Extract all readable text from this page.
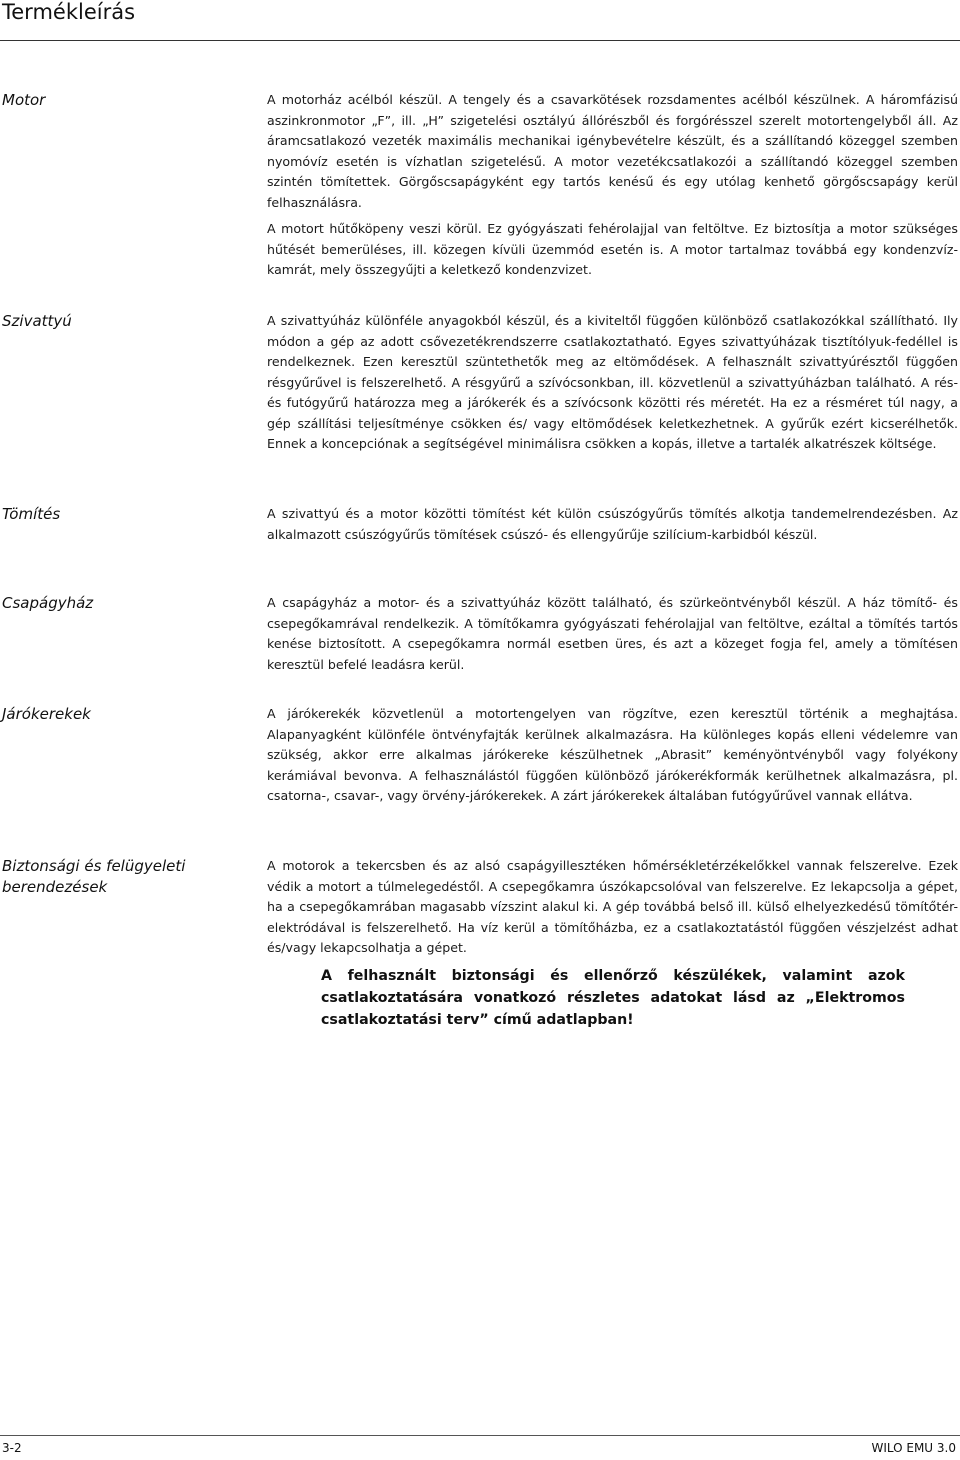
Termékleírás
Motor	A motorház acélból készül. A tengely és a csavarkötések rozsdamentes acélból készülnek. A háromfázisú aszinkronmotor „F”, ill. „H” szigetelési osztályú állórészből és forgórésszel szerelt motortengelyből áll. Az áramcsatlakozó vezeték maximális mechanikai igénybevételre készült, és a szállítandó közeggel szemben nyomóvíz esetén is vízhatlan szigetelésű. A motor vezetékcsatlakozói a szállítandó közeggel szemben szintén tömítettek. Görgőscsapágyként egy tartós kenésű és egy utólag kenhető görgőscsapágy kerül felhasználásra.

A motort hűtőköpeny veszi körül. Ez gyógyászati fehérolajjal van feltöltve. Ez biztosítja a motor szükséges hűtését bemerüléses, ill. közegen kívüli üzemmód esetén is. A motor tartalmaz továbbá egy kondenzvíz-kamrát, mely összegyűjti a keletkező kondenzvizet.

Szivattyú	A szivattyúház különféle anyagokból készül, és a kiviteltől függően különböző csatlakozókkal szállítható. Ily módon a gép az adott csővezetékrendszerre csatlakoztatható. Egyes szivattyúházak tisztítólyuk-fedéllel is rendelkeznek. Ezen keresztül szüntethetők meg az eltömődések. A felhasznált szivattyúrésztől függően résgyűrűvel is felszerelhető. A résgyűrű a szívócsonkban, ill. közvetlenül a szivattyúházban található. A rés- és futógyűrű határozza meg a járókerék és a szívócsonk közötti rés méretét. Ha ez a résméret túl nagy, a gép szállítási teljesítménye csökken és/ vagy eltömődések keletkezhetnek. A gyűrűk ezért kicserélhetők. Ennek a koncepciónak a segítségével minimálisra csökken a kopás, illetve a tartalék alkatrészek költsége.

Tömítés	A szivattyú és a motor közötti tömítést két külön csúszógyűrűs tömítés alkotja tandemelrendezésben. Az alkalmazott csúszógyűrűs tömítések csúszó- és ellengyűrűje szilícium-karbidból készül.

Csapágyház	A csapágyház a motor- és a szivattyúház között található, és szürkeöntvényből készül. A ház tömítő- és csepegőkamrával rendelkezik. A tömítőkamra gyógyászati fehérolajjal van feltöltve, ezáltal a tömítés tartós kenése biztosított. A csepegőkamra normál esetben üres, és azt a közeget fogja fel, amely a tömítésen keresztül befelé leadásra kerül.

Járókerekek	A járókerekék közvetlenül a motortengelyen van rögzítve, ezen keresztül történik a meghajtása. Alapanyagként különféle öntvényfajták kerülnek alkalmazásra. Ha különleges kopás elleni védelemre van szükség, akkor erre alkalmas járókereke készülhetnek „Abrasit” keményöntvényből vagy folyékony kerámiával bevonva. A felhasználástól függően különböző járókerékformák kerülhetnek alkalmazásra, pl. csatorna-, csavar-, vagy örvény-járókerekek. A zárt járókerekek általában futógyűrűvel vannak ellátva.

Biztonsági és felügyeleti berendezések

A motorok a tekercsben és az alsó csapágyillesztéken hőmérsékletérzékelőkkel vannak felszerelve. Ezek védik a motort a túlmelegedéstől. A csepegőkamra úszókapcsolóval van felszerelve. Ez lekapcsolja a gépet, ha a csepegőkamrában magasabb vízszint alakul ki. A gép továbbá belső ill. külső elhelyezkedésű tömítőtér-elektródával is felszerelhető. Ha víz kerül a tömítőházba, ez a csatlakoztatástól függően vészjelzést adhat és/vagy lekapcsolhatja a gépet.

A felhasznált biztonsági és ellenőrző készülékek, valamint azok csatlakoztatására vonatkozó részletes adatokat lásd az „Elektromos csatlakoztatási terv” című adatlapban!

3-2	WILO EMU 3.0
